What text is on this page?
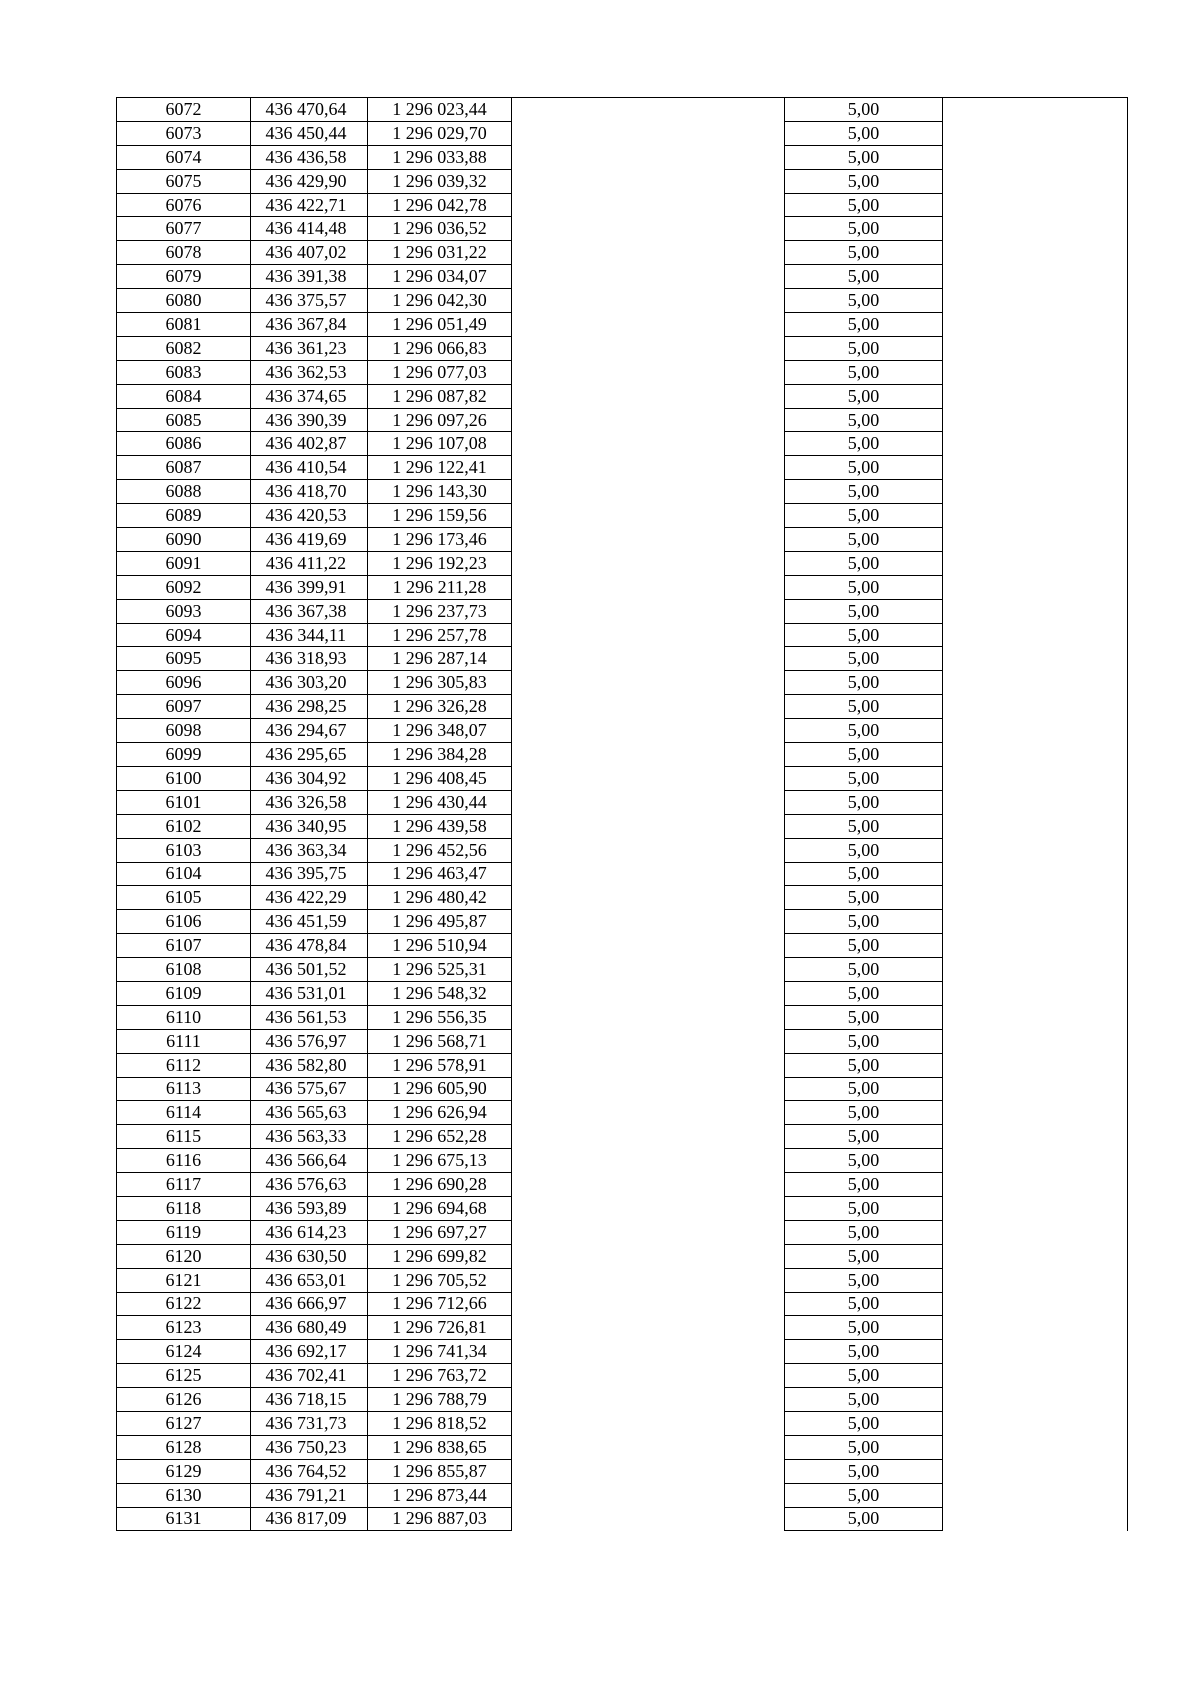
6072	436 470,64	1 296 023,44		5,00	
6073	436 450,44	1 296 029,70		5,00	
6074	436 436,58	1 296 033,88		5,00	
6075	436 429,90	1 296 039,32		5,00	
6076	436 422,71	1 296 042,78		5,00	
6077	436 414,48	1 296 036,52		5,00	
6078	436 407,02	1 296 031,22		5,00	
6079	436 391,38	1 296 034,07		5,00	
6080	436 375,57	1 296 042,30		5,00	
6081	436 367,84	1 296 051,49		5,00	
6082	436 361,23	1 296 066,83		5,00	
6083	436 362,53	1 296 077,03		5,00	
6084	436 374,65	1 296 087,82		5,00	
6085	436 390,39	1 296 097,26		5,00	
6086	436 402,87	1 296 107,08		5,00	
6087	436 410,54	1 296 122,41		5,00	
6088	436 418,70	1 296 143,30		5,00	
6089	436 420,53	1 296 159,56		5,00	
6090	436 419,69	1 296 173,46		5,00	
6091	436 411,22	1 296 192,23		5,00	
6092	436 399,91	1 296 211,28		5,00	
6093	436 367,38	1 296 237,73		5,00	
6094	436 344,11	1 296 257,78		5,00	
6095	436 318,93	1 296 287,14		5,00	
6096	436 303,20	1 296 305,83		5,00	
6097	436 298,25	1 296 326,28		5,00	
6098	436 294,67	1 296 348,07		5,00	
6099	436 295,65	1 296 384,28		5,00	
6100	436 304,92	1 296 408,45		5,00	
6101	436 326,58	1 296 430,44		5,00	
6102	436 340,95	1 296 439,58		5,00	
6103	436 363,34	1 296 452,56		5,00	
6104	436 395,75	1 296 463,47		5,00	
6105	436 422,29	1 296 480,42		5,00	
6106	436 451,59	1 296 495,87		5,00	
6107	436 478,84	1 296 510,94		5,00	
6108	436 501,52	1 296 525,31		5,00	
6109	436 531,01	1 296 548,32		5,00	
6110	436 561,53	1 296 556,35		5,00	
6111	436 576,97	1 296 568,71		5,00	
6112	436 582,80	1 296 578,91		5,00	
6113	436 575,67	1 296 605,90		5,00	
6114	436 565,63	1 296 626,94		5,00	
6115	436 563,33	1 296 652,28		5,00	
6116	436 566,64	1 296 675,13		5,00	
6117	436 576,63	1 296 690,28		5,00	
6118	436 593,89	1 296 694,68		5,00	
6119	436 614,23	1 296 697,27		5,00	
6120	436 630,50	1 296 699,82		5,00	
6121	436 653,01	1 296 705,52		5,00	
6122	436 666,97	1 296 712,66		5,00	
6123	436 680,49	1 296 726,81		5,00	
6124	436 692,17	1 296 741,34		5,00	
6125	436 702,41	1 296 763,72		5,00	
6126	436 718,15	1 296 788,79		5,00	
6127	436 731,73	1 296 818,52		5,00	
6128	436 750,23	1 296 838,65		5,00	
6129	436 764,52	1 296 855,87		5,00	
6130	436 791,21	1 296 873,44		5,00	
6131	436 817,09	1 296 887,03		5,00	
